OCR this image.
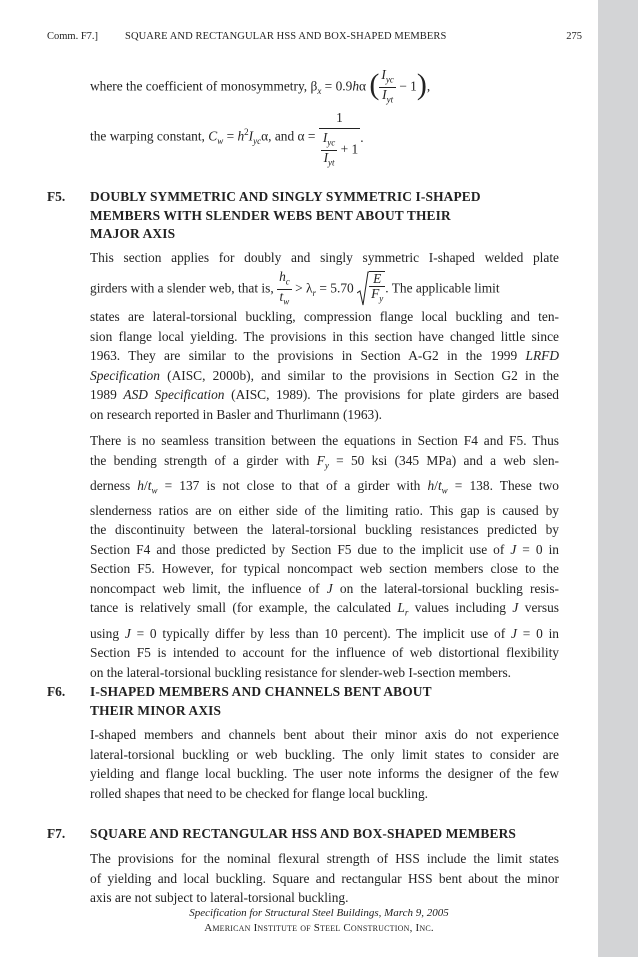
Comm. F7.]	SQUARE AND RECTANGULAR HSS AND BOX-SHAPED MEMBERS	275
where the coefficient of monosymmetry, $\beta_x = 0.9h\alpha$ ( $\frac{I_{yc}}{I_{yt}} - 1$),
the warping constant, $C_w = h^2I_{yc}\alpha$, and $\alpha = \frac{1}{\frac{I_{yc}}{I_{yt}} + 1}$ .
F5. DOUBLY SYMMETRIC AND SINGLY SYMMETRIC I-SHAPED
MEMBERS WITH SLENDER WEBS BENT ABOUT THEIR
MAJOR AXIS
This section applies for doubly and singly symmetric I-shaped welded plate
girders with a slender web, that is, $\frac{h_c}{t_w} > \lambda_r = 5.70 \frac{E}{F_y}$ . The applicable limit
states are lateral-torsional buckling, compression flange local buckling and ten-
sion flange local yielding. The provisions in this section have changed little since
1963. They are similar to the provisions in Section A-G2 in the 1999 LRFD
Specification (AISC, 2000b), and similar to the provisions in Section G2 in the
1989 ASD Specification (AISC, 1989). The provisions for plate girders are based
on research reported in Basler and Thurlimann (1963).
There is no seamless transition between the equations in Section F4 and F5. Thus
the bending strength of a girder with $F_y = 50$ ksi (345 MPa) and a web slen-
derness $h/t_w = 137$ is not close to that of a girder with $h/t_w = 138$. These two
slenderness ratios are on either side of the limiting ratio. This gap is caused by
the discontinuity between the lateral-torsional buckling resistances predicted by
Section F4 and those predicted by Section F5 due to the implicit use of J = 0 in
Section F5. However, for typical noncompact web section members close to the
noncompact web limit, the influence of J on the lateral-torsional buckling resis-
tance is relatively small (for example, the calculated $L_r$ values including J versus
using J = 0 typically differ by less than 10 percent). The implicit use of J = 0 in
Section F5 is intended to account for the influence of web distortional flexibility
on the lateral-torsional buckling resistance for slender-web I-section members.
F6. I-SHAPED MEMBERS AND CHANNELS BENT ABOUT
THEIR MINOR AXIS
I-shaped members and channels bent about their minor axis do not experience
lateral-torsional buckling or web buckling. The only limit states to consider are
yielding and flange local buckling. The user note informs the designer of the few
rolled shapes that need to be checked for flange local buckling.
F7. SQUARE AND RECTANGULAR HSS AND BOX-SHAPED MEMBERS
The provisions for the nominal flexural strength of HSS include the limit states
of yielding and local buckling. Square and rectangular HSS bent about the minor
axis are not subject to lateral-torsional buckling.
Specification for Structural Steel Buildings, March 9, 2005
American Institute of Steel Construction, Inc.
